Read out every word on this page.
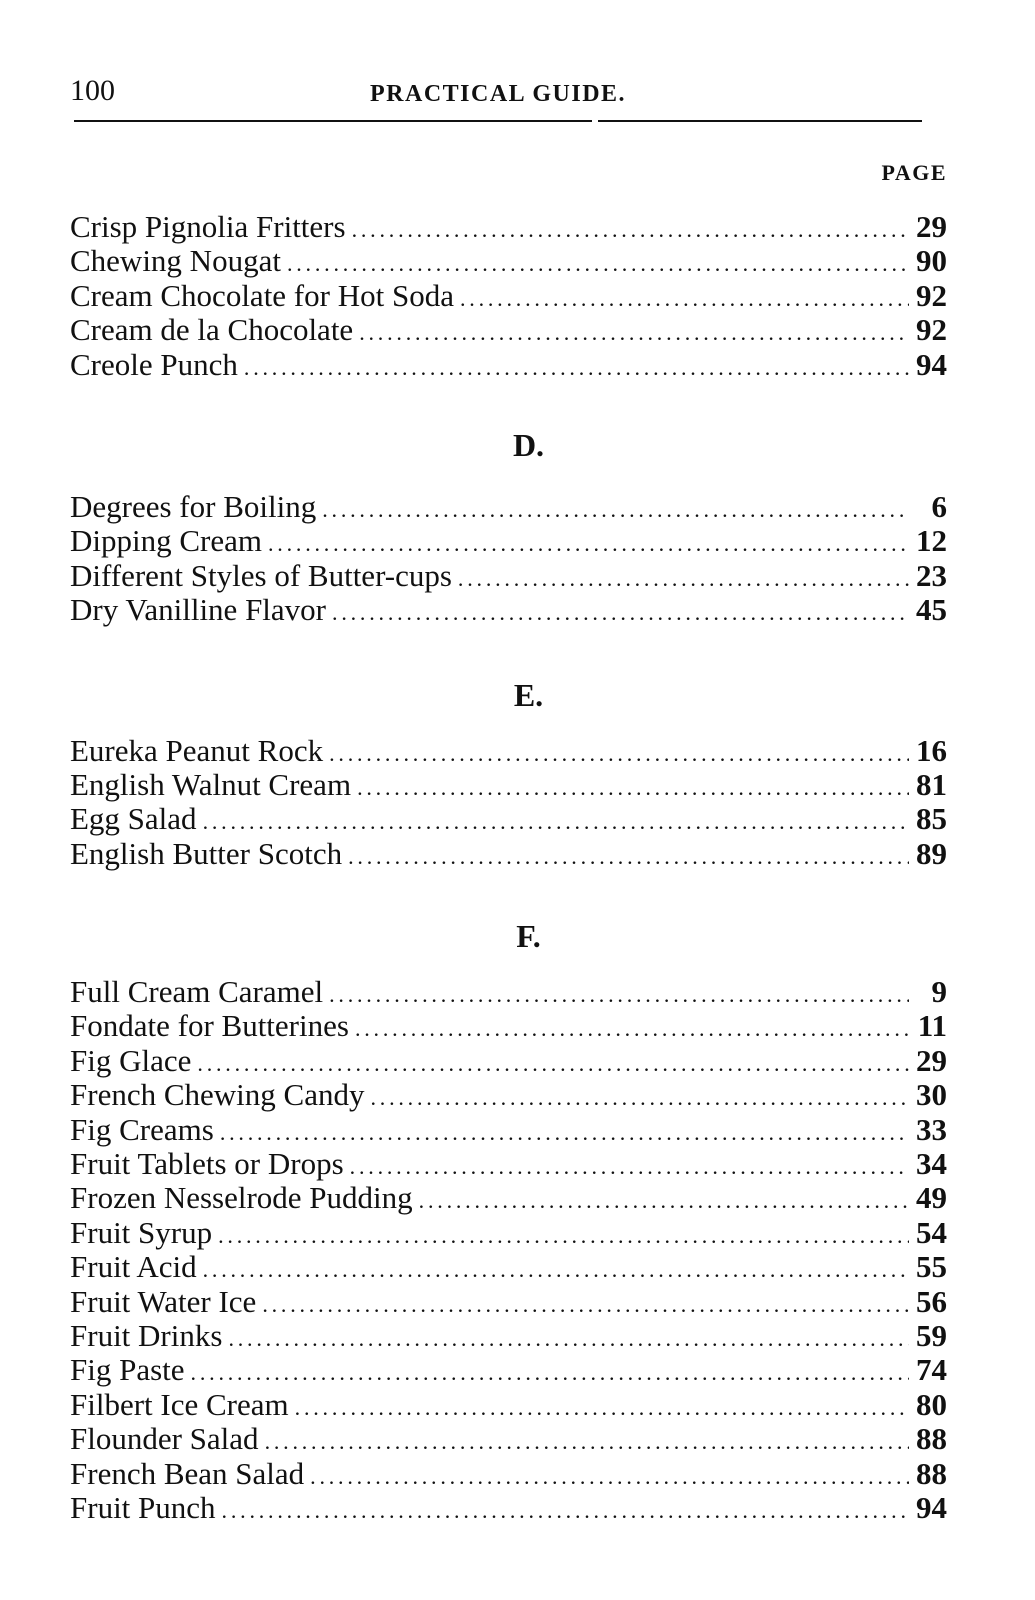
100	PRACTICAL GUIDE.
PAGE
Crisp Pignolia Fritters .....	29
Chewing Nougat .....	90
Cream Chocolate for Hot Soda .....	92
Cream de la Chocolate .....	92
Creole Punch .....	94
D.
Degrees for Boiling .....	6
Dipping Cream .....	12
Different Styles of Butter-cups .....	23
Dry Vanilline Flavor .....	45
E.
Eureka Peanut Rock .....	16
English Walnut Cream .....	81
Egg Salad .....	85
English Butter Scotch .....	89
F.
Full Cream Caramel .....	9
Fondate for Butterines .....	11
Fig Glace .....	29
French Chewing Candy .....	30
Fig Creams .....	33
Fruit Tablets or Drops .....	34
Frozen Nesselrode Pudding .....	49
Fruit Syrup .....	54
Fruit Acid .....	55
Fruit Water Ice .....	56
Fruit Drinks .....	59
Fig Paste .....	74
Filbert Ice Cream .....	80
Flounder Salad .....	88
French Bean Salad .....	88
Fruit Punch .....	94
